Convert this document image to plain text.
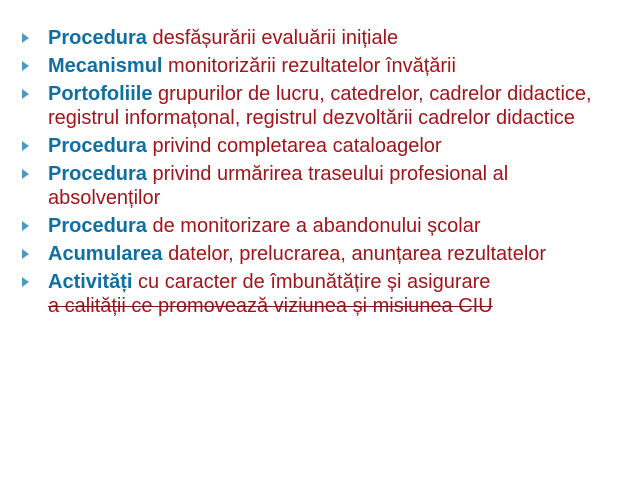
Procedura desfășurării evaluării inițiale
Mecanismul monitorizării rezultatelor învățării
Portofoliile grupurilor de lucru, catedrelor, cadrelor didactice, registrul informațonal, registrul dezvoltării cadrelor didactice
Procedura privind completarea cataloagelor
Procedura privind urmărirea traseului profesional al absolvenților
Procedura de monitorizare a abandonului școlar
Acumularea datelor, prelucrarea, anunțarea rezultatelor
Activități cu caracter de îmbunătățire și asigurare
a calității ce promovează viziunea și misiunea CIU
